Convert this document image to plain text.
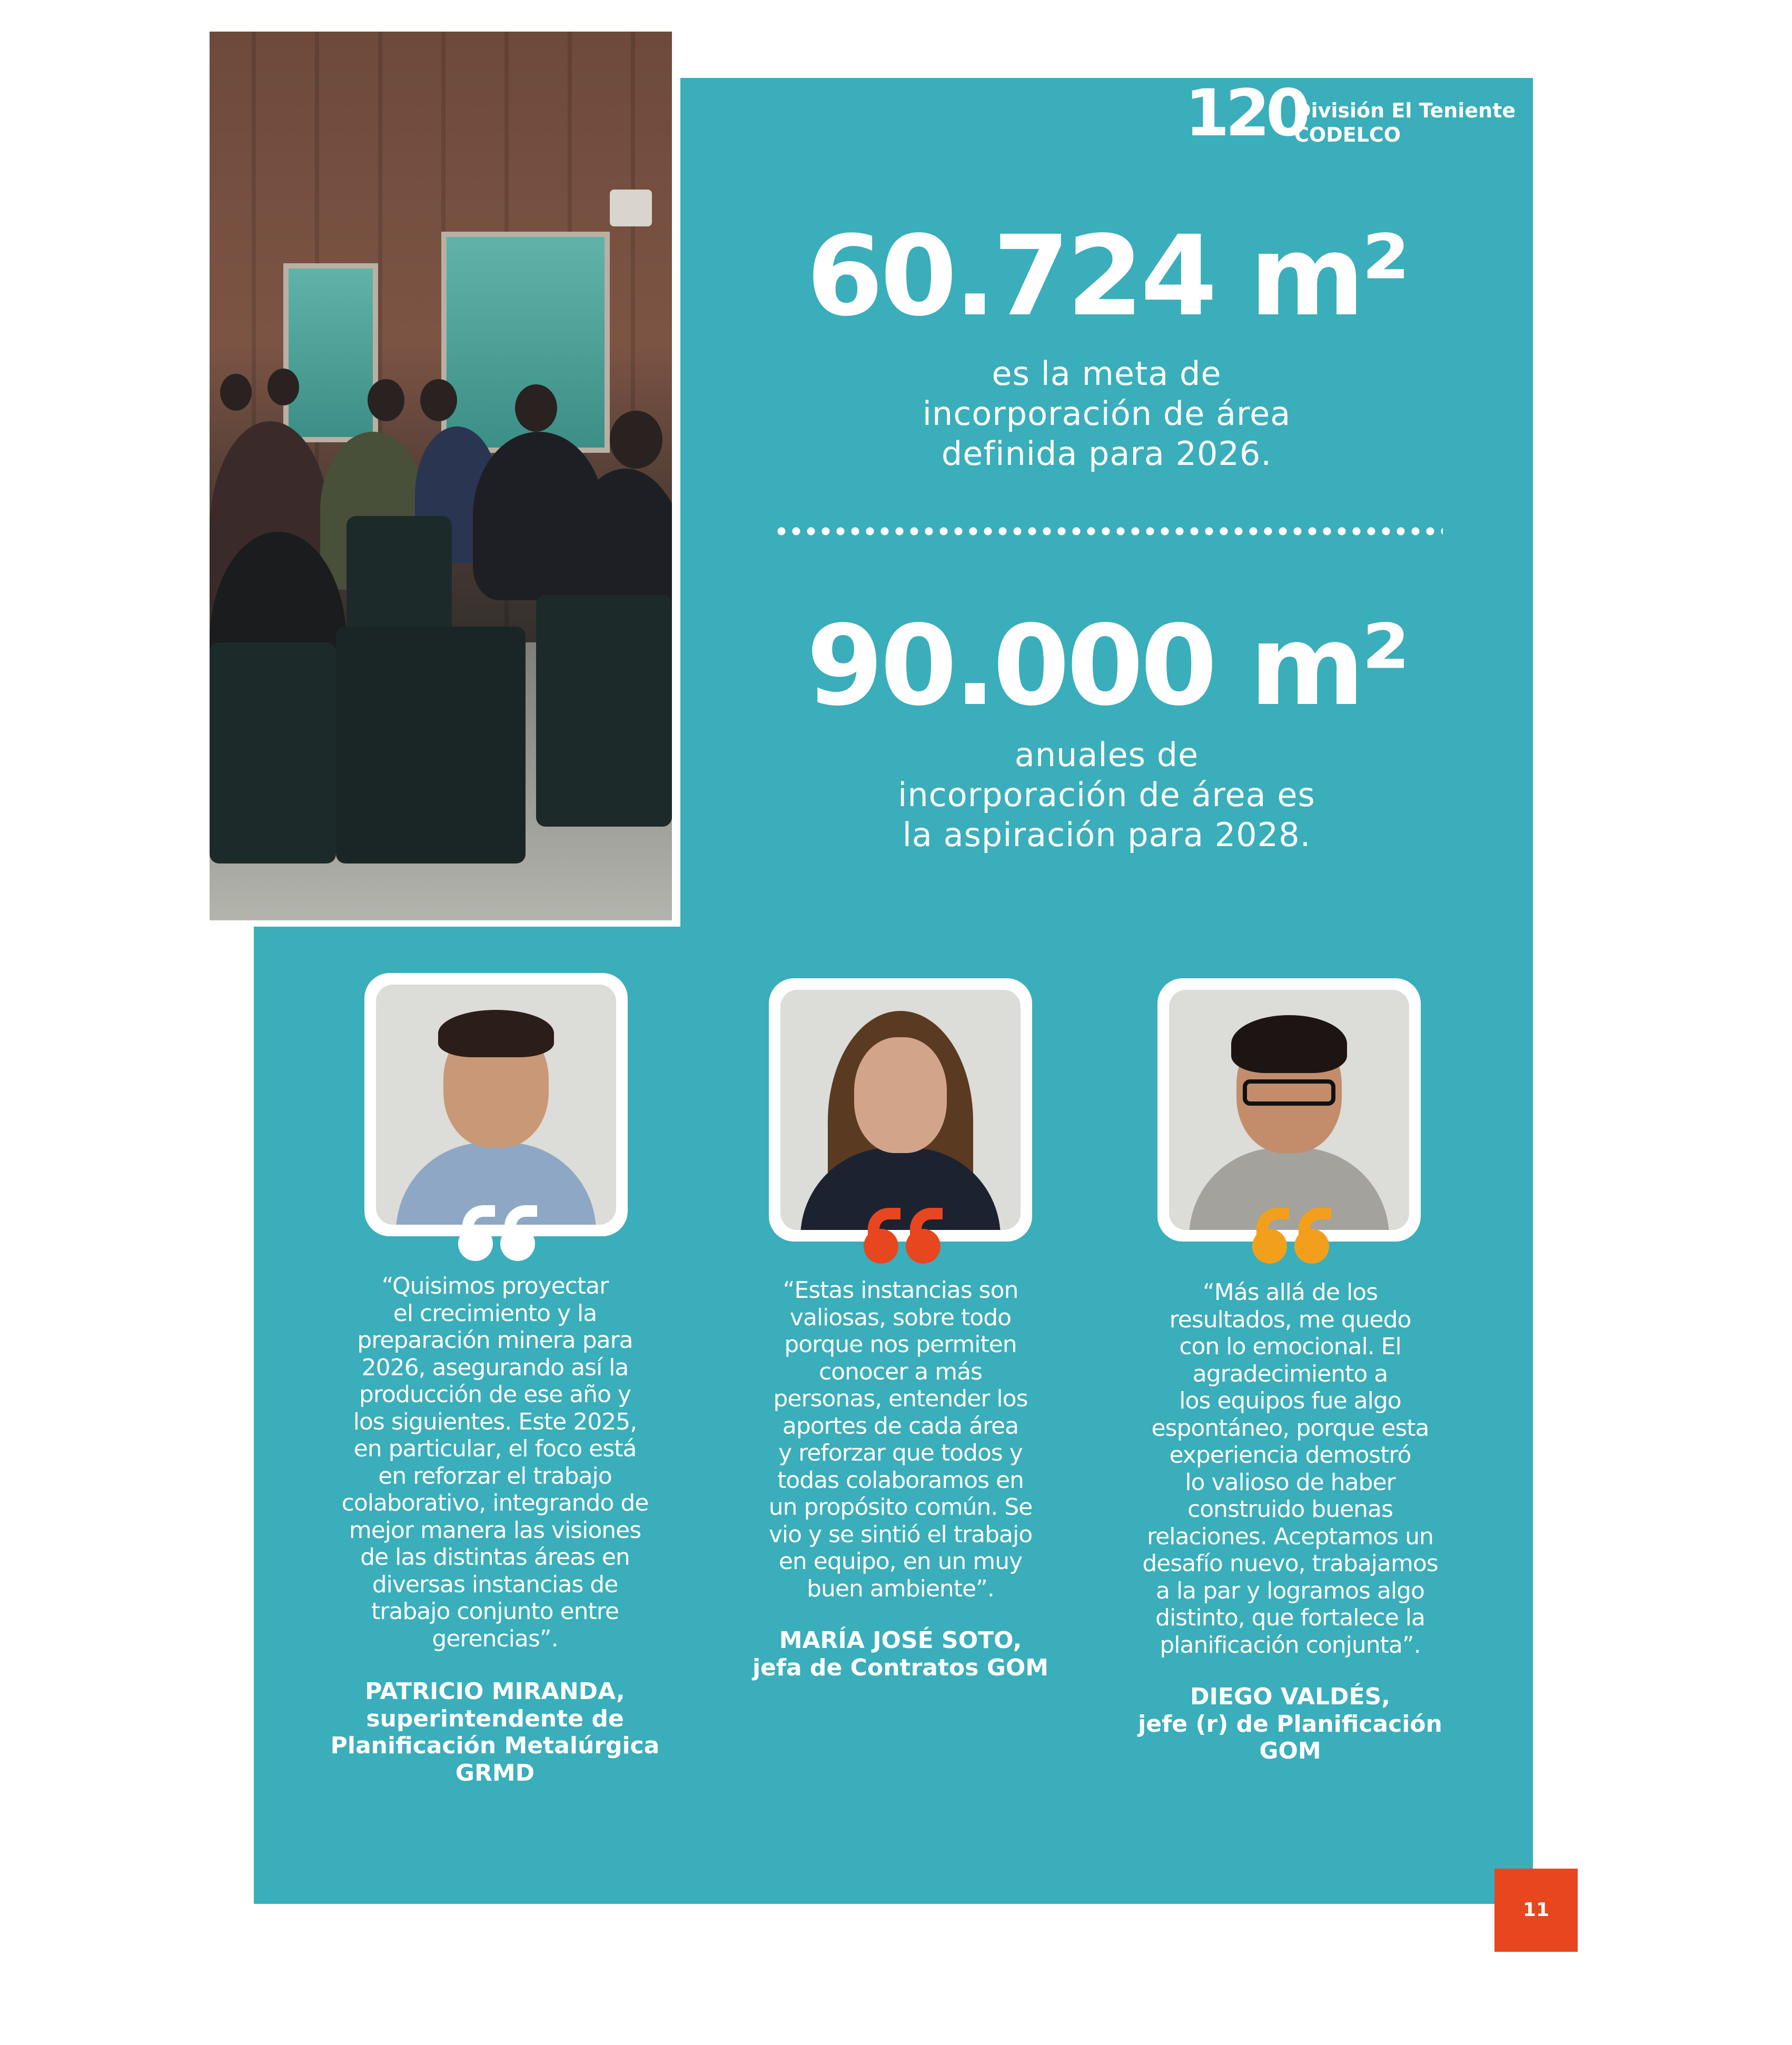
120
División El Teniente
CODELCO
60.724 m²
es la meta de
incorporación de área
definida para 2026.
90.000 m²
anuales de
incorporación de área es
la aspiración para 2028.
“Quisimos proyectar
el crecimiento y la
preparación minera para
2026, asegurando así la
producción de ese año y
los siguientes. Este 2025,
en particular, el foco está
en reforzar el trabajo
colaborativo, integrando de
mejor manera las visiones
de las distintas áreas en
diversas instancias de
trabajo conjunto entre
gerencias”.
PATRICIO MIRANDA,
superintendente de
Planificación Metalúrgica
GRMD
“Estas instancias son
valiosas, sobre todo
porque nos permiten
conocer a más
personas, entender los
aportes de cada área
y reforzar que todos y
todas colaboramos en
un propósito común. Se
vio y se sintió el trabajo
en equipo, en un muy
buen ambiente”.
MARÍA JOSÉ SOTO,
jefa de Contratos GOM
“Más allá de los
resultados, me quedo
con lo emocional. El
agradecimiento a
los equipos fue algo
espontáneo, porque esta
experiencia demostró
lo valioso de haber
construido buenas
relaciones. Aceptamos un
desafío nuevo, trabajamos
a la par y logramos algo
distinto, que fortalece la
planificación conjunta”.
DIEGO VALDÉS,
jefe (r) de Planificación
GOM
11
